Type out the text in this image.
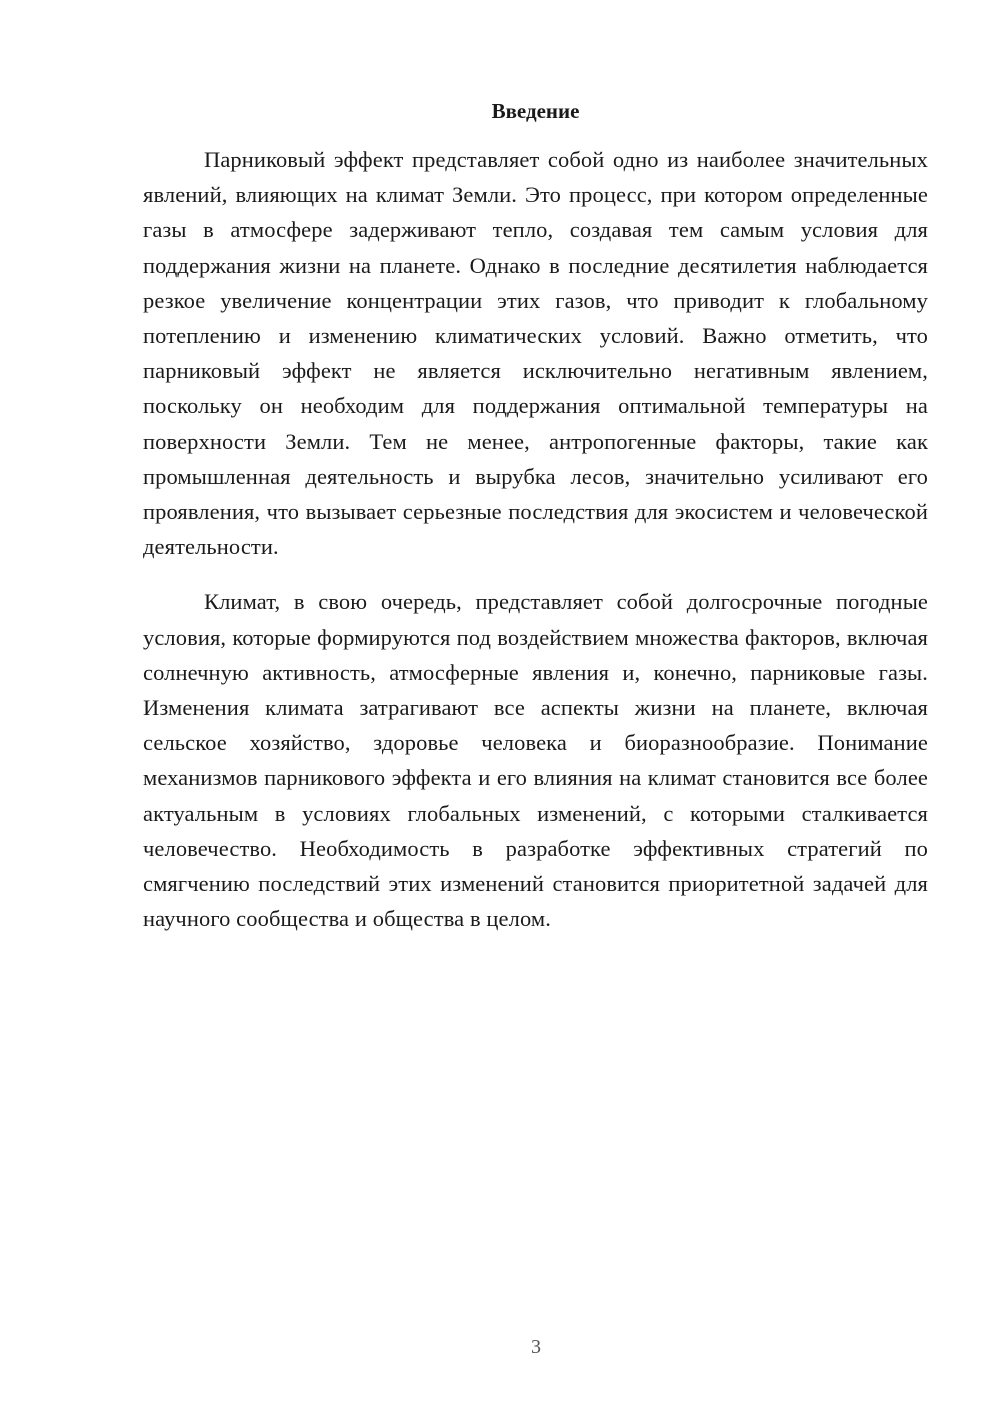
Введение

Парниковый эффект представляет собой одно из наиболее значительных явлений, влияющих на климат Земли. Это процесс, при котором определенные газы в атмосфере задерживают тепло, создавая тем самым условия для поддержания жизни на планете. Однако в последние десятилетия наблюдается резкое увеличение концентрации этих газов, что приводит к глобальному потеплению и изменению климатических условий. Важно отметить, что парниковый эффект не является исключительно негативным явлением, поскольку он необходим для поддержания оптимальной температуры на поверхности Земли. Тем не менее, антропогенные факторы, такие как промышленная деятельность и вырубка лесов, значительно усиливают его проявления, что вызывает серьезные последствия для экосистем и человеческой деятельности.

Климат, в свою очередь, представляет собой долгосрочные погодные условия, которые формируются под воздействием множества факторов, включая солнечную активность, атмосферные явления и, конечно, парниковые газы. Изменения климата затрагивают все аспекты жизни на планете, включая сельское хозяйство, здоровье человека и биоразнообразие. Понимание механизмов парникового эффекта и его влияния на климат становится все более актуальным в условиях глобальных изменений, с которыми сталкивается человечество. Необходимость в разработке эффективных стратегий по смягчению последствий этих изменений становится приоритетной задачей для научного сообщества и общества в целом.

3
